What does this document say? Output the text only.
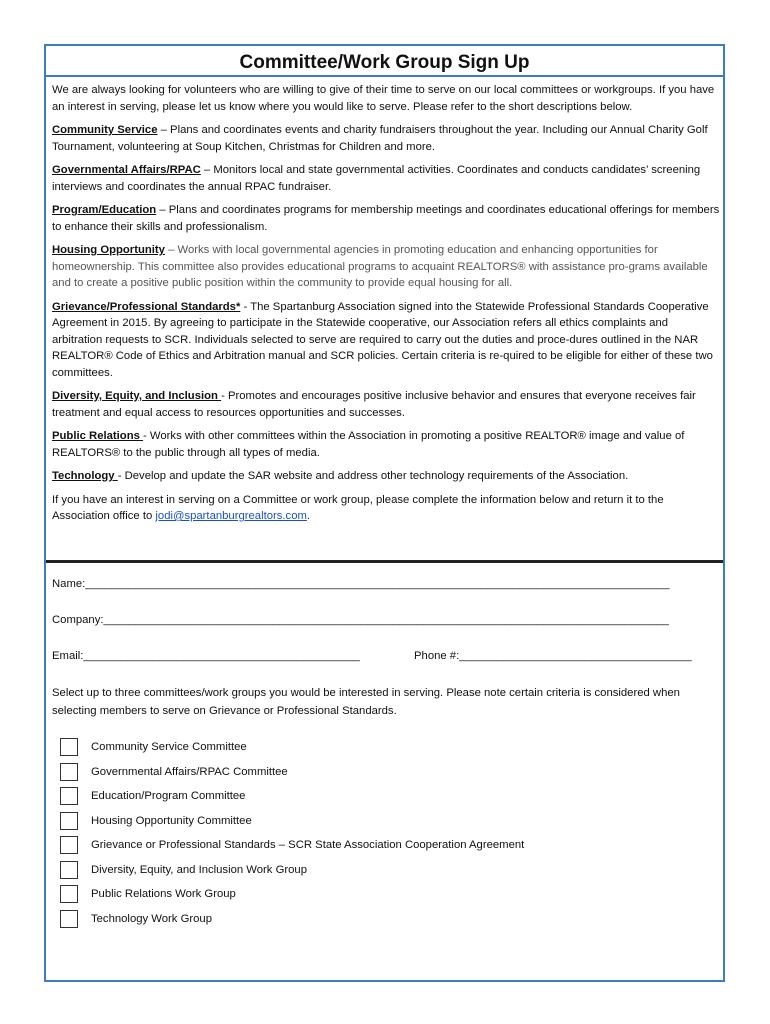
Committee/Work Group Sign Up

We are always looking for volunteers who are willing to give of their time to serve on our local committees or workgroups. If you have an interest in serving, please let us know where you would like to serve. Please refer to the short descriptions below.

Community Service – Plans and coordinates events and charity fundraisers throughout the year. Including our Annual Charity Golf Tournament, volunteering at Soup Kitchen, Christmas for Children and more.

Governmental Affairs/RPAC – Monitors local and state governmental activities. Coordinates and conducts candidates’ screening interviews and coordinates the annual RPAC fundraiser.

Program/Education – Plans and coordinates programs for membership meetings and coordinates educational offerings for members to enhance their skills and professionalism.

Housing Opportunity – Works with local governmental agencies in promoting education and enhancing opportunities for homeownership. This committee also provides educational programs to acquaint REALTORS® with assistance pro-grams available and to create a positive public position within the community to provide equal housing for all.

Grievance/Professional Standards* - The Spartanburg Association signed into the Statewide Professional Standards Cooperative Agreement in 2015. By agreeing to participate in the Statewide cooperative, our Association refers all ethics complaints and arbitration requests to SCR. Individuals selected to serve are required to carry out the duties and proce-dures outlined in the NAR REALTOR® Code of Ethics and Arbitration manual and SCR policies. Certain criteria is re-quired to be eligible for either of these two committees.

Diversity, Equity, and Inclusion - Promotes and encourages positive inclusive behavior and ensures that everyone receives fair treatment and equal access to resources opportunities and successes.

Public Relations - Works with other committees within the Association in promoting a positive REALTOR® image and value of REALTORS® to the public through all types of media.

Technology - Develop and update the SAR website and address other technology requirements of the Association.

If you have an interest in serving on a Committee or work group, please complete the information below and return it to the Association office to jodi@spartanburgrealtors.com.

Name:_____________________________________________________________________________________________
Company:__________________________________________________________________________________________
Email:____________________________________________	Phone #:_____________________________________
Select up to three committees/work groups you would be interested in serving. Please note certain criteria is considered when selecting members to serve on Grievance or Professional Standards.
Community Service Committee
Governmental Affairs/RPAC Committee
Education/Program Committee
Housing Opportunity Committee
Grievance or Professional Standards – SCR State Association Cooperation Agreement
Diversity, Equity, and Inclusion Work Group
Public Relations Work Group
Technology Work Group
